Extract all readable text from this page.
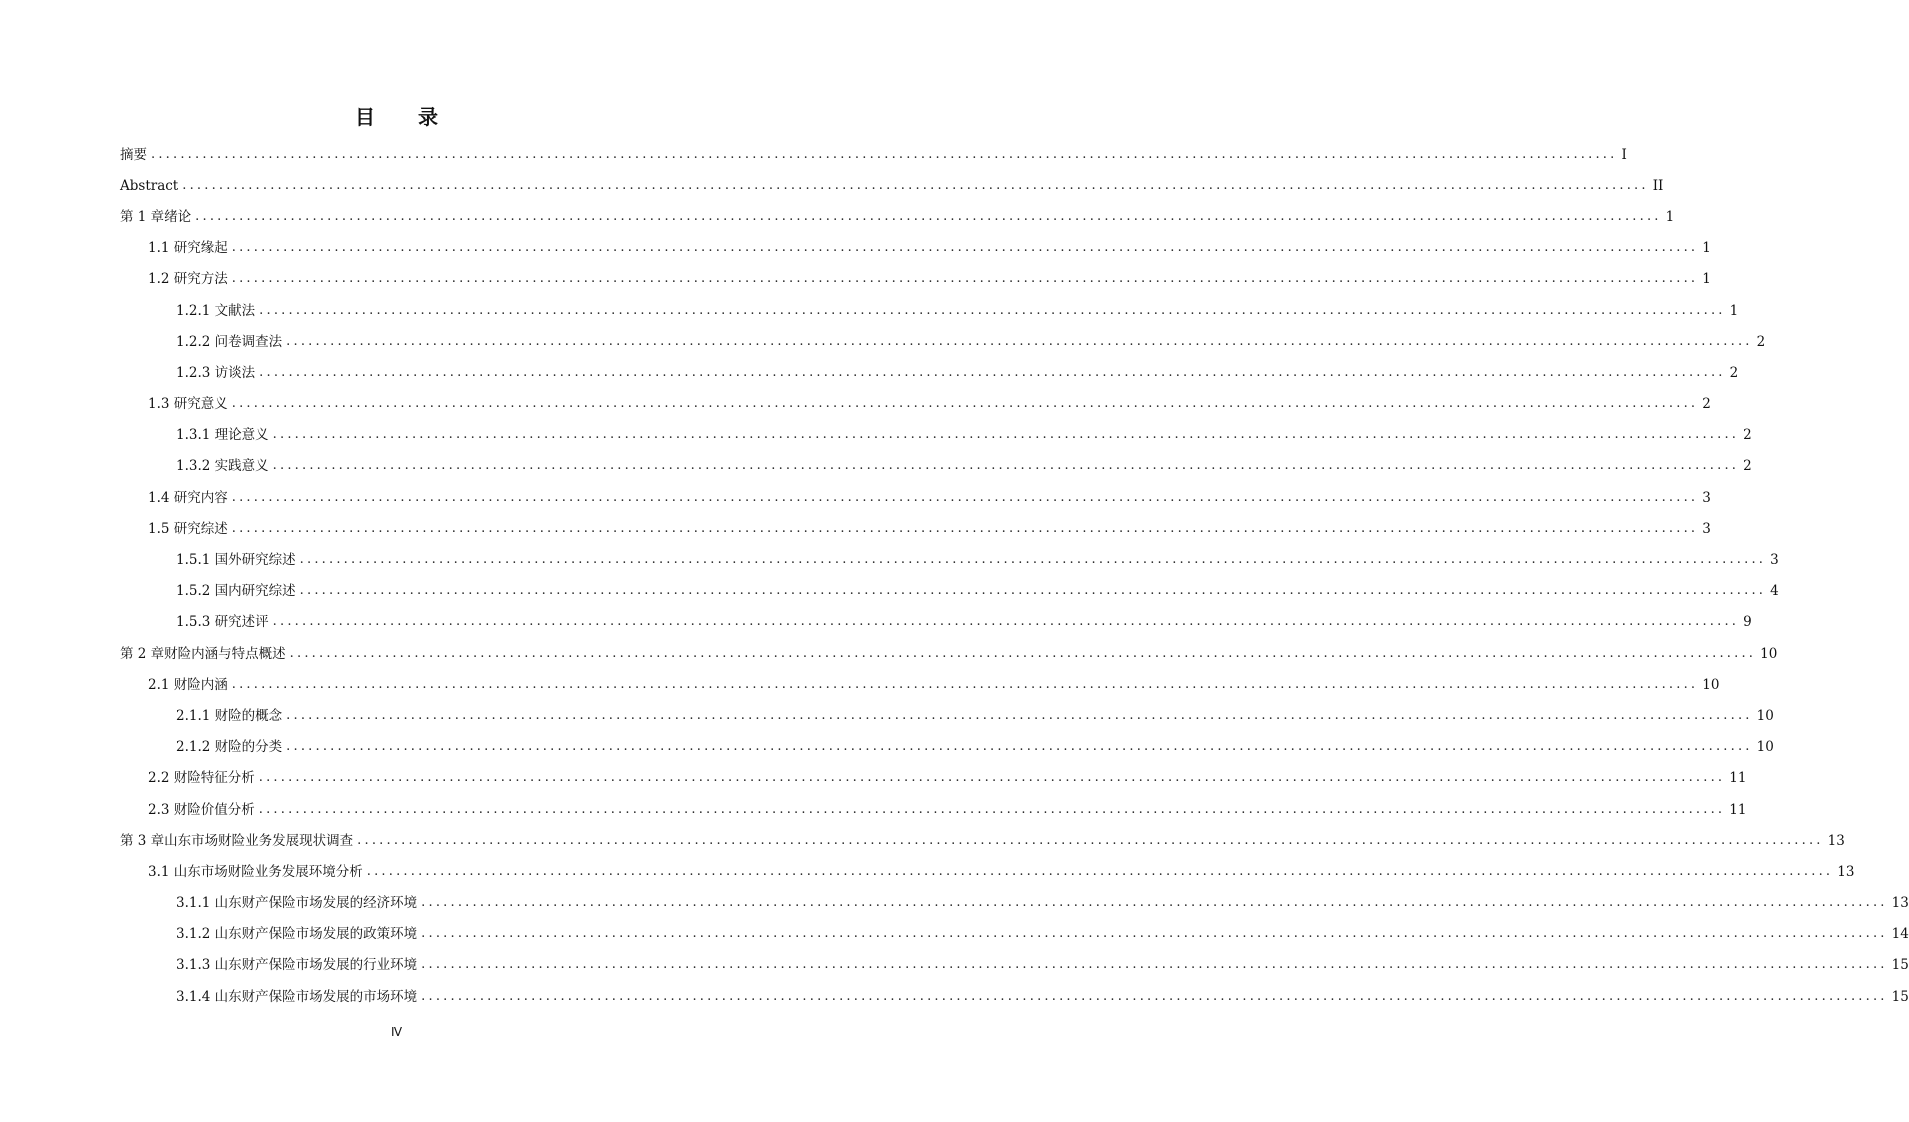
目 录
摘要 ........................................................................................................................................................................................................ I
Abstract ........................................................................................................................................................................................................ II
第 1 章绪论 ........................................................................................................................................................................................................ 1
1.1 研究缘起 ........................................................................................................................................................................................................ 1
1.2 研究方法 ........................................................................................................................................................................................................ 1
1.2.1 文献法 ........................................................................................................................................................................................................ 1
1.2.2 问卷调查法 ........................................................................................................................................................................................................ 2
1.2.3 访谈法 ........................................................................................................................................................................................................ 2
1.3 研究意义 ........................................................................................................................................................................................................ 2
1.3.1 理论意义 ........................................................................................................................................................................................................ 2
1.3.2 实践意义 ........................................................................................................................................................................................................ 2
1.4 研究内容 ........................................................................................................................................................................................................ 3
1.5 研究综述 ........................................................................................................................................................................................................ 3
1.5.1 国外研究综述 ........................................................................................................................................................................................................ 3
1.5.2 国内研究综述 ........................................................................................................................................................................................................ 4
1.5.3 研究述评 ........................................................................................................................................................................................................ 9
第 2 章财险内涵与特点概述 ........................................................................................................................................................................................................ 10
2.1 财险内涵 ........................................................................................................................................................................................................ 10
2.1.1 财险的概念 ........................................................................................................................................................................................................ 10
2.1.2 财险的分类 ........................................................................................................................................................................................................ 10
2.2 财险特征分析 ........................................................................................................................................................................................................ 11
2.3 财险价值分析 ........................................................................................................................................................................................................ 11
第 3 章山东市场财险业务发展现状调查 ........................................................................................................................................................................................................ 13
3.1 山东市场财险业务发展环境分析 ........................................................................................................................................................................................................ 13
3.1.1 山东财产保险市场发展的经济环境 ........................................................................................................................................................................................................ 13
3.1.2 山东财产保险市场发展的政策环境 ........................................................................................................................................................................................................ 14
3.1.3 山东财产保险市场发展的行业环境 ........................................................................................................................................................................................................ 15
3.1.4 山东财产保险市场发展的市场环境 ........................................................................................................................................................................................................ 15
Ⅳ
